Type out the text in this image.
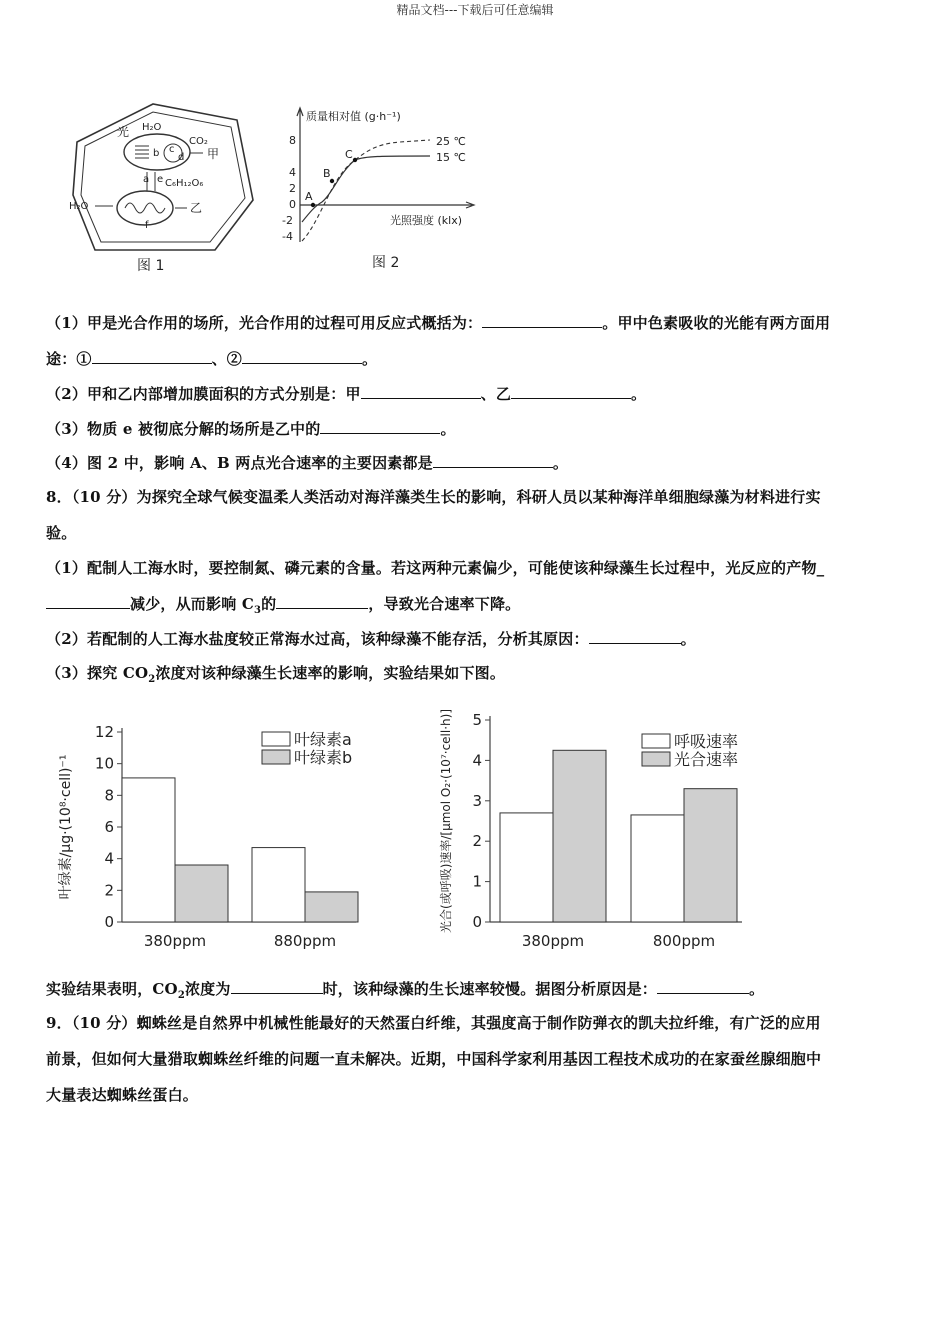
精品文档---下载后可任意编辑
光 H₂O
CO₂
b c
d 甲
a e C₆H₁₂O₆
H₂O
f
乙
图 1
质量相对值 (g·h⁻¹)
光照强度 (klx)
8
4
2
0
-2
-4
A
B
C
25 ℃
15 ℃
图 2
（1）甲是光合作用的场所，光合作用的过程可用反应式概括为：	。甲中色素吸收的光能有两方面用
途：①	、②	。
（2）甲和乙内部增加膜面积的方式分别是：甲	、乙	。
（3）物质 e 被彻底分解的场所是乙中的	。
（4）图 2 中，影响 A、B 两点光合速率的主要因素都是	。
8．（10 分）为探究全球气候变温柔人类活动对海洋藻类生长的影响，科研人员以某种海洋单细胞绿藻为材料进行实
验。
（1）配制人工海水时，要控制氮、磷元素的含量。若这两种元素偏少，可能使该种绿藻生长过程中，光反应的产物_
减少，从而影响 $C_3$的	，导致光合速率下降。
（2）若配制的人工海水盐度较正常海水过高，该种绿藻不能存活，分析其原因：	。
（3）探究 $CO_2$浓度对该种绿藻生长速率的影响，实验结果如下图。
0
2
4
6
8
10
12
叶绿素/μg·(10⁸·cell)⁻¹
380ppm	880ppm
叶绿素a
叶绿素b
0
1
2
3
4
5
光合(或呼吸)速率/[μmol O₂·(10⁷·cell·h)]
380ppm	800ppm
呼吸速率
光合速率
实验结果表明，$CO_2$浓度为	时，该种绿藻的生长速率较慢。据图分析原因是：	。
9．（10 分）蜘蛛丝是自然界中机械性能最好的天然蛋白纤维，其强度高于制作防弹衣的凯夫拉纤维，有广泛的应用
前景，但如何大量猎取蜘蛛丝纤维的问题一直未解决。近期，中国科学家利用基因工程技术成功的在家蚕丝腺细胞中
大量表达蜘蛛丝蛋白。
